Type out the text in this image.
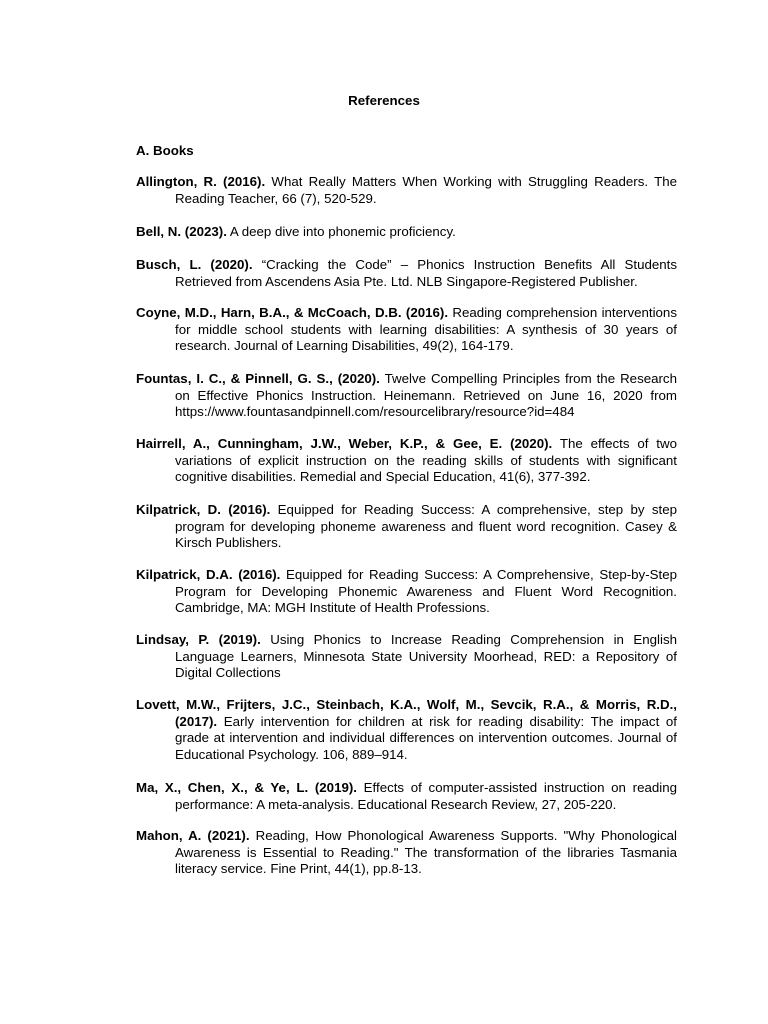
References
A. Books

Allington, R. (2016). What Really Matters When Working with Struggling Readers. The Reading Teacher, 66 (7), 520-529.

Bell, N. (2023). A deep dive into phonemic proficiency.

Busch, L. (2020). “Cracking the Code” – Phonics Instruction Benefits All Students Retrieved from Ascendens Asia Pte. Ltd. NLB Singapore-Registered Publisher.

Coyne, M.D., Harn, B.A., & McCoach, D.B. (2016). Reading comprehension interventions for middle school students with learning disabilities: A synthesis of 30 years of research. Journal of Learning Disabilities, 49(2), 164-179.

Fountas, I. C., & Pinnell, G. S., (2020). Twelve Compelling Principles from the Research on Effective Phonics Instruction. Heinemann. Retrieved on June 16, 2020 from https://www.fountasandpinnell.com/resourcelibrary/resource?id=484

Hairrell, A., Cunningham, J.W., Weber, K.P., & Gee, E. (2020). The effects of two variations of explicit instruction on the reading skills of students with significant cognitive disabilities. Remedial and Special Education, 41(6), 377-392.

Kilpatrick, D. (2016). Equipped for Reading Success: A comprehensive, step by step program for developing phoneme awareness and fluent word recognition. Casey & Kirsch Publishers.

Kilpatrick, D.A. (2016). Equipped for Reading Success: A Comprehensive, Step-by-Step Program for Developing Phonemic Awareness and Fluent Word Recognition. Cambridge, MA: MGH Institute of Health Professions.

Lindsay, P. (2019). Using Phonics to Increase Reading Comprehension in English Language Learners, Minnesota State University Moorhead, RED: a Repository of Digital Collections

Lovett, M.W., Frijters, J.C., Steinbach, K.A., Wolf, M., Sevcik, R.A., & Morris, R.D., (2017). Early intervention for children at risk for reading disability: The impact of grade at intervention and individual differences on intervention outcomes. Journal of Educational Psychology. 106, 889–914.

Ma, X., Chen, X., & Ye, L. (2019). Effects of computer-assisted instruction on reading performance: A meta-analysis. Educational Research Review, 27, 205-220.

Mahon, A. (2021). Reading, How Phonological Awareness Supports. "Why Phonological Awareness is Essential to Reading." The transformation of the libraries Tasmania literacy service. Fine Print, 44(1), pp.8-13.
